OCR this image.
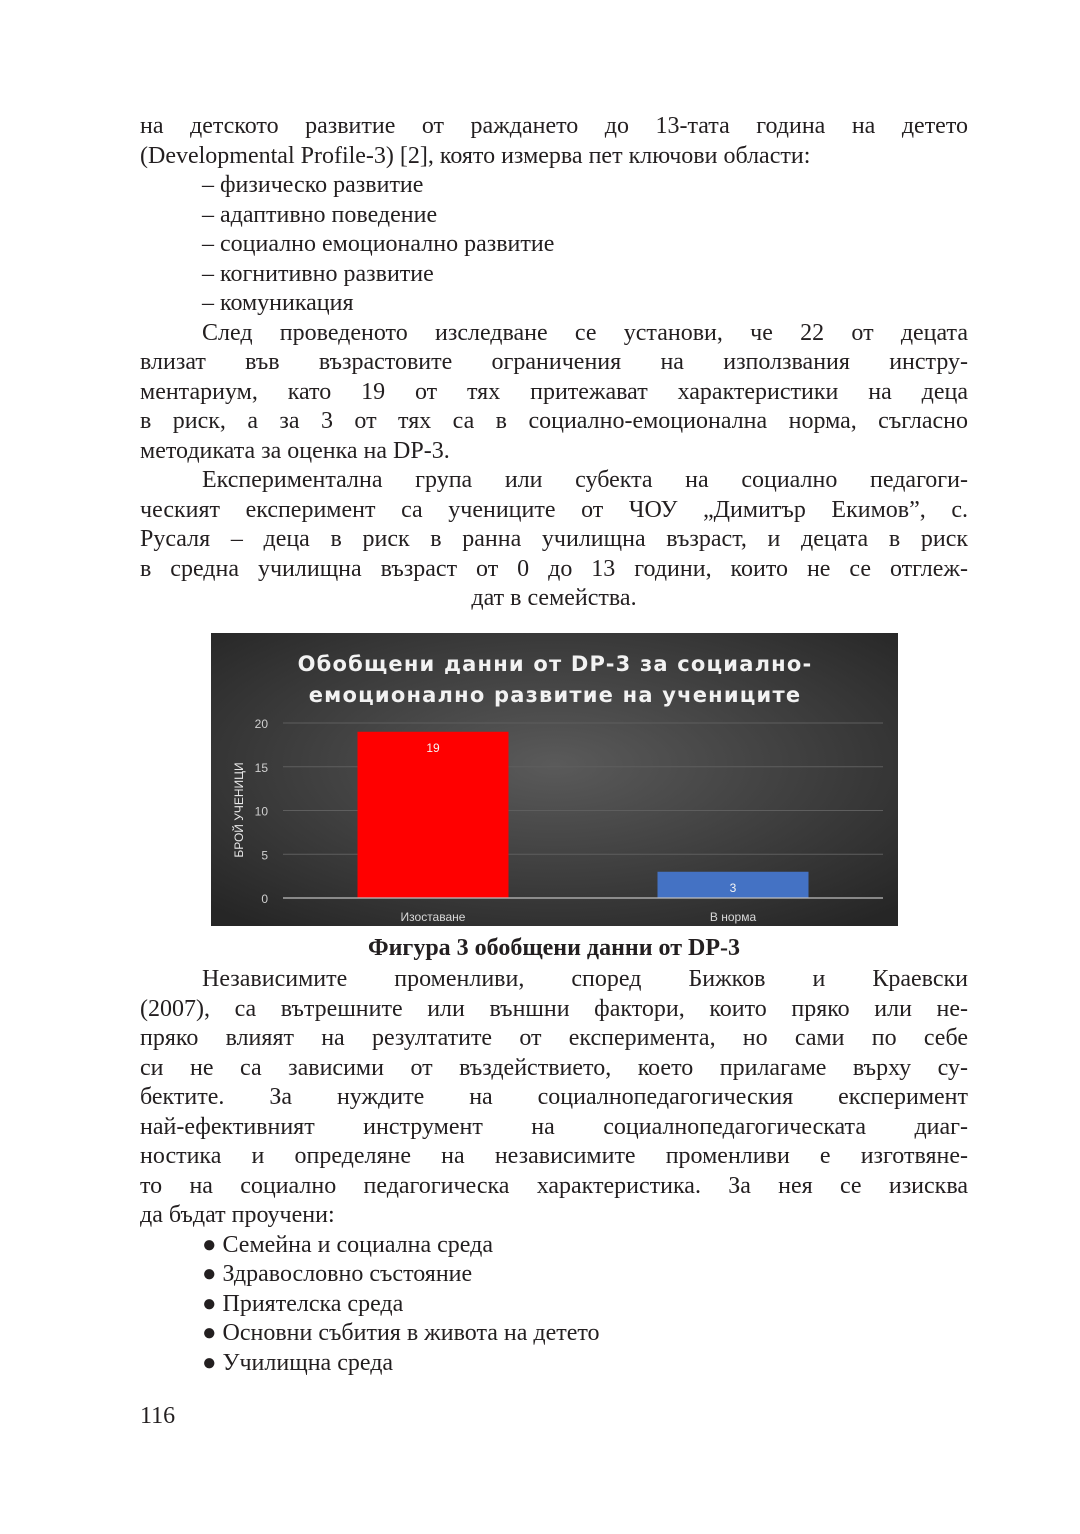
на детското развитие от раждането до 13-тата година на детето
(Developmental Profile-3) [2], която измерва пет ключови области:
– физическо развитие
– адаптивно поведение
– социално емоционално развитие
– когнитивно развитие
– комуникация
След проведеното изследване се установи, че 22 от децата
влизат във възрастовите ограничения на използвания инстру-
ментариум, като 19 от тях притежават характеристики на деца
в риск, а за 3 от тях са в социално-емоционална норма, съгласно
методиката за оценка на DP-3.
Експериментална група или субекта на социално педагоги-
ческият експеримент са учениците от ЧОУ „Димитър Екимов”, с.
Русаля – деца в риск в ранна училищна възраст, и децата в риск
в средна училищна възраст от 0 до 13 години, които не се отглеж-
дат в семейства.
Независимите променливи, според Бижков и Краевски
(2007), са вътрешните или външни фактори, които пряко или не-
пряко влияят на резултатите от експеримента, но сами по себе
си не са зависими от въздействието, което прилагаме върху су-
бектите. За нуждите на социалнопедагогическия експеримент
най-ефективният инструмент на социалнопедагогическата диаг-
ностика и определяне на независимите променливи е изготвяне-
то на социално педагогическа характеристика. За нея се изисква
да бъдат проучени:
● Семейна и социална среда
● Здравословно състояние
● Приятелска среда
● Основни събития в живота на детето
● Училищна среда
Обобщени данни от DP-3 за социално-
емоционално развитие на учениците
0
5
10
15
20
БРОЙ УЧЕНИЦИ
19
Изоставане
3
В норма
Фигура 3 обобщени данни от DP-3
116
